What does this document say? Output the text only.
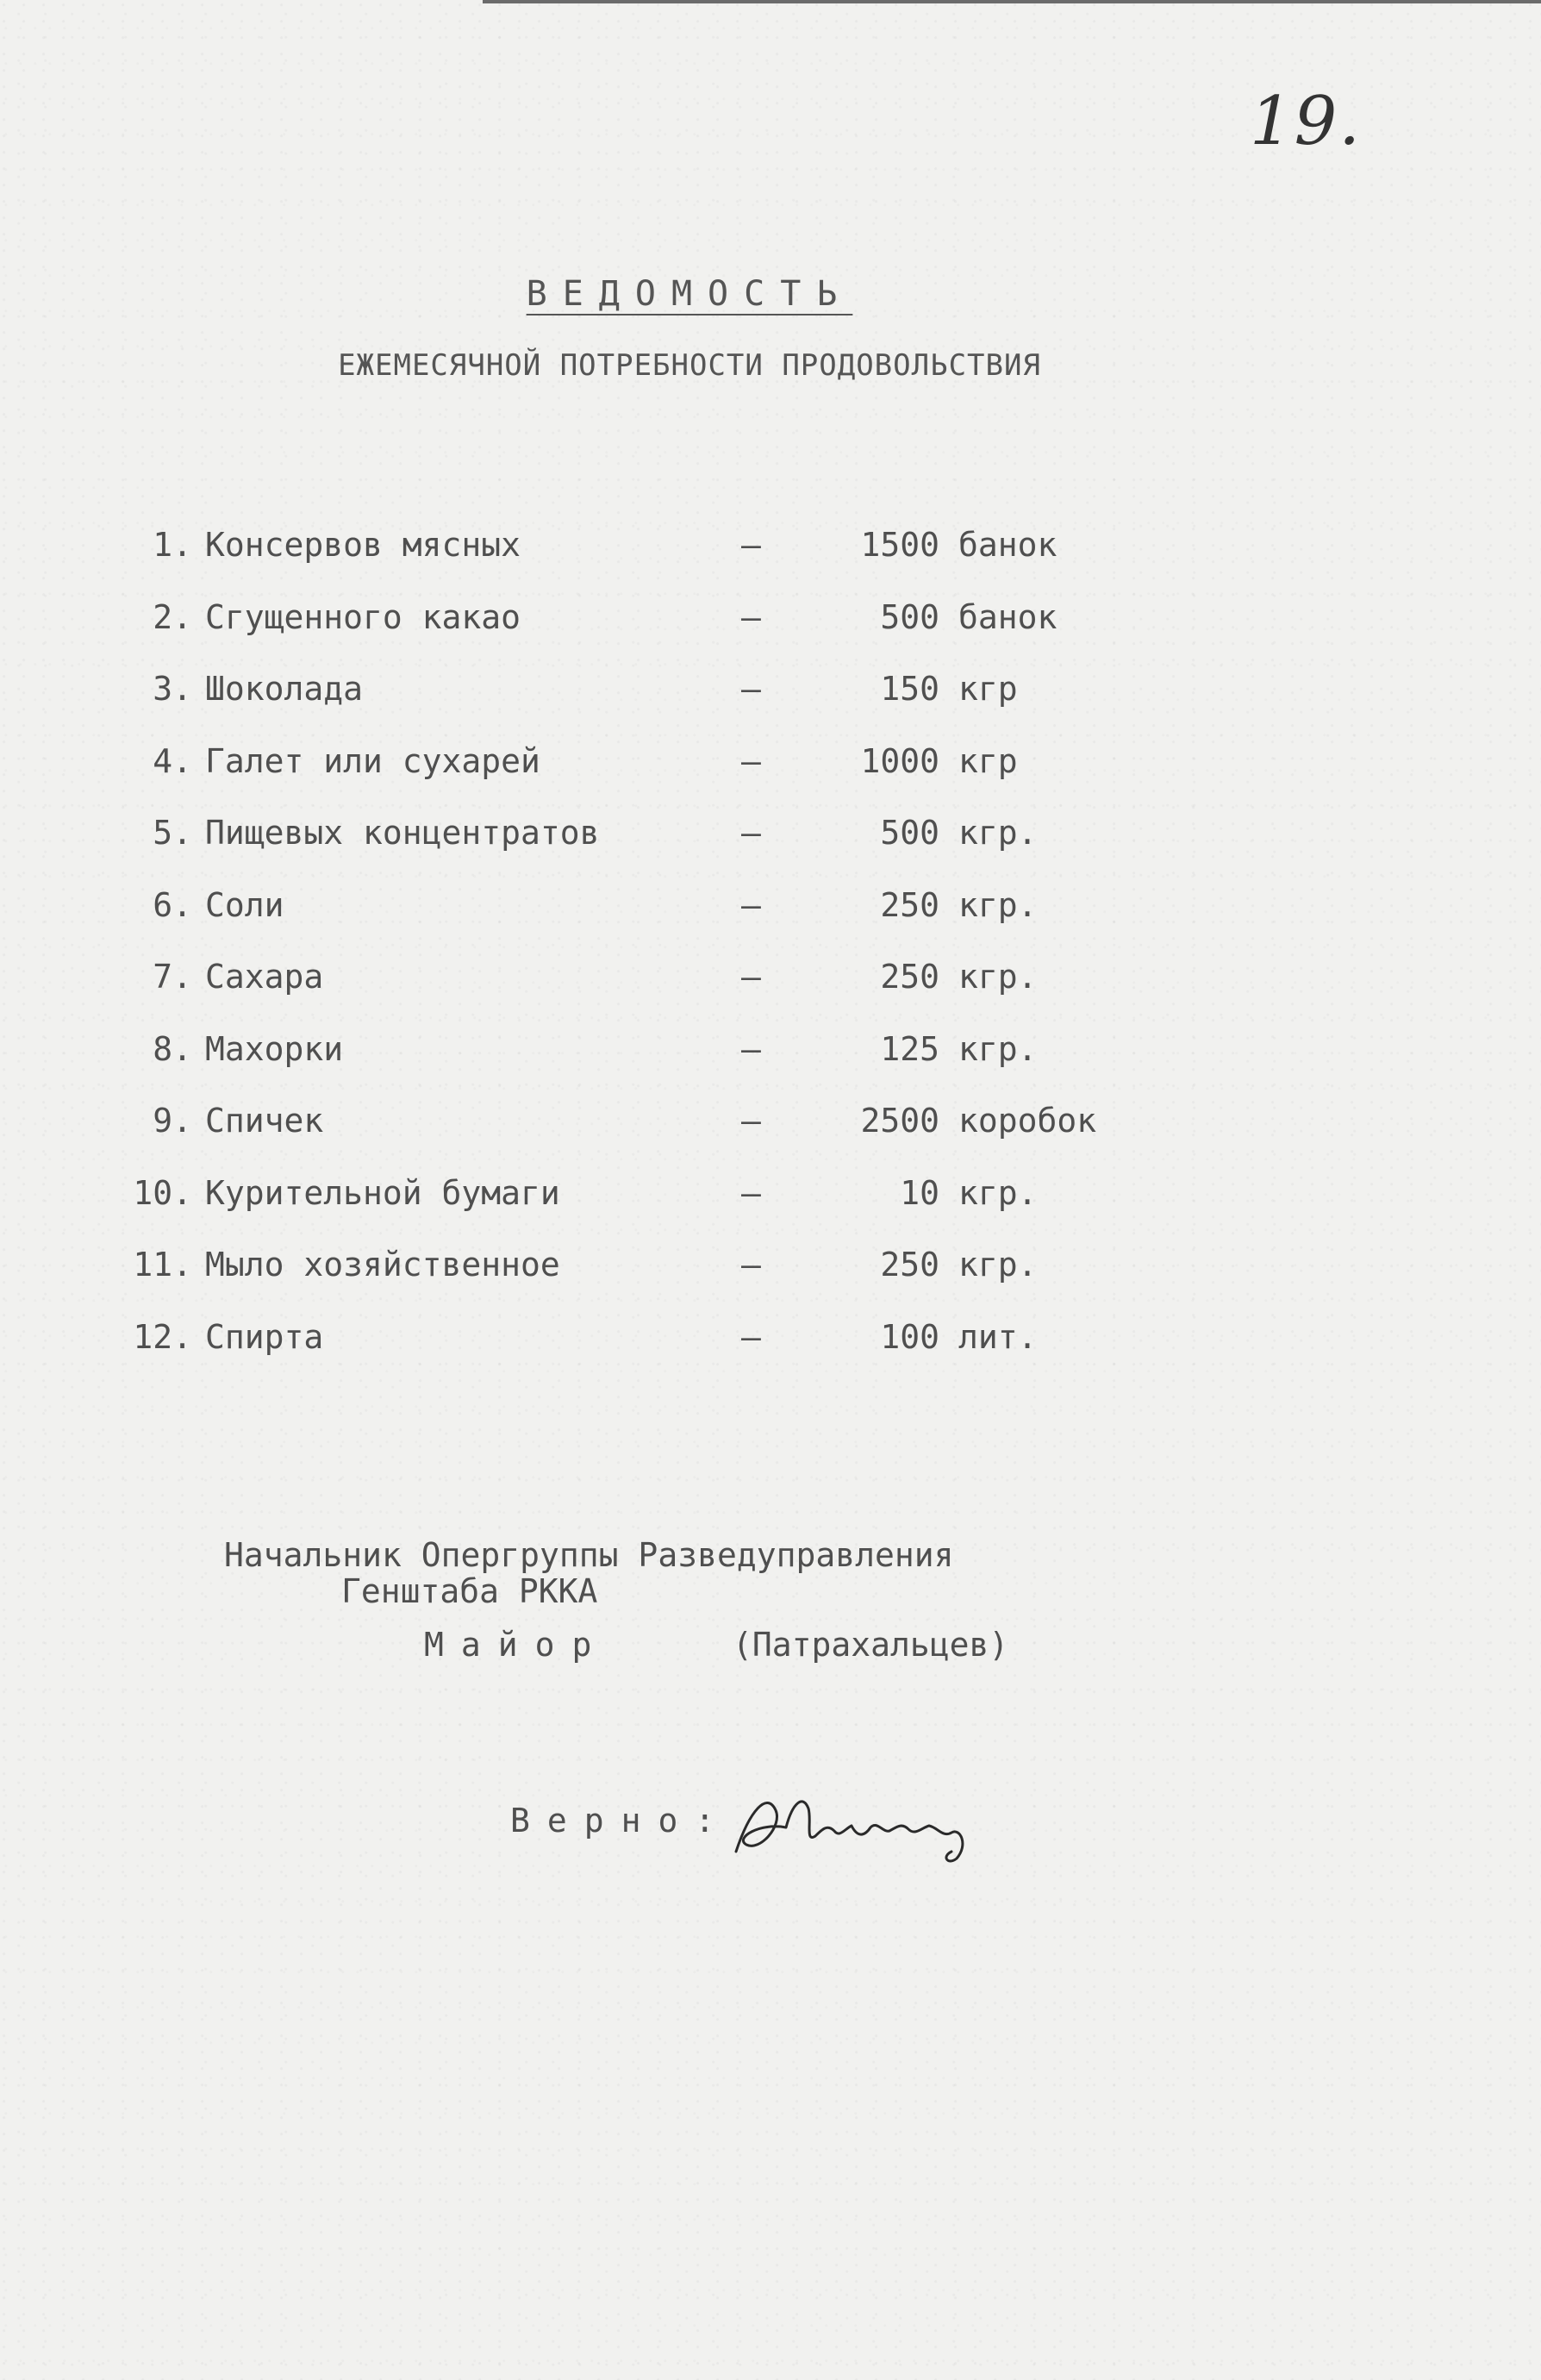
19.
ВЕДОМОСТЬ
ЕЖЕМЕСЯЧНОЙ ПОТРЕБНОСТИ ПРОДОВОЛЬСТВИЯ
1. Консервов мясных	–	1500 банок
2. Сгущенного какао	–	500 банок
3. Шоколада	–	150 кгр
4. Галет или сухарей	–	1000 кгр
5. Пищевых концентратов	–	500 кгр.
6. Соли	–	250 кгр.
7. Сахара	–	250 кгр.
8. Махорки	–	125 кгр.
9. Спичек	–	2500 коробок
10. Курительной бумаги	–	10 кгр.
11. Мыло хозяйственное	–	250 кгр.
12. Спирта	–	100 лит.
Начальник Опергруппы Разведуправления
Генштаба РККА
Майор	(Патрахальцев)
Верно:
